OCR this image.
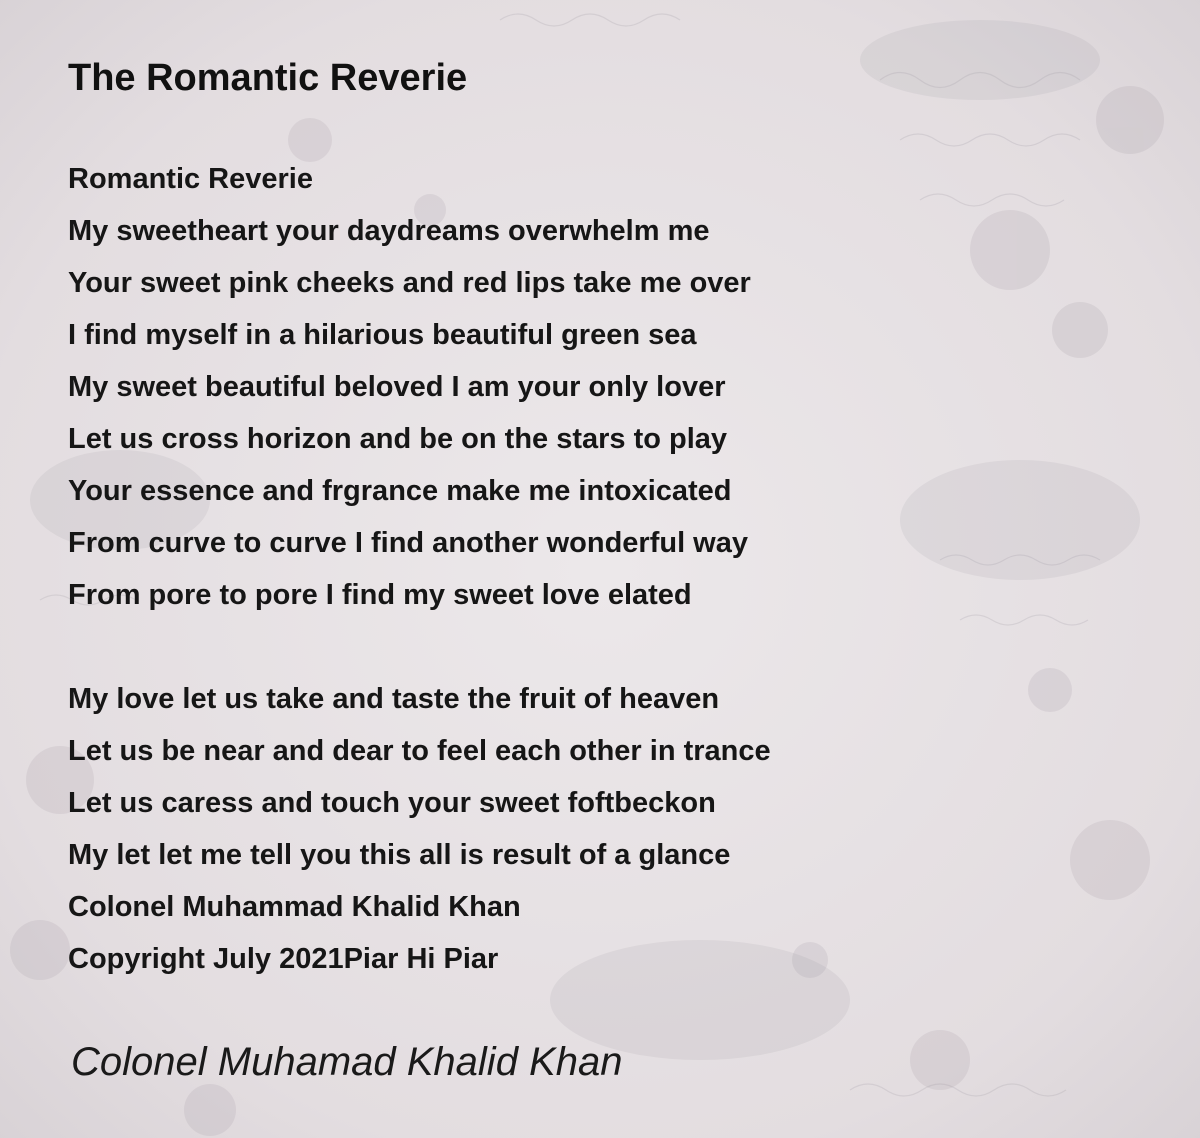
The Romantic Reverie
Romantic Reverie
My sweetheart your daydreams overwhelm me
Your sweet pink cheeks and red lips take me over
I find myself in a hilarious beautiful green sea
My sweet beautiful beloved I am your only lover
Let us cross horizon and be on the stars to play
Your essence and frgrance make me intoxicated
From curve to curve I find another wonderful way
From pore to pore I find my sweet love elated
My love let us take and taste the fruit of heaven
Let us be near and dear to feel each other in trance
Let us caress and touch your sweet foftbeckon
My let let me tell you this all is result of a glance
Colonel Muhammad Khalid Khan
Copyright July 2021Piar Hi Piar
Colonel Muhamad Khalid Khan
